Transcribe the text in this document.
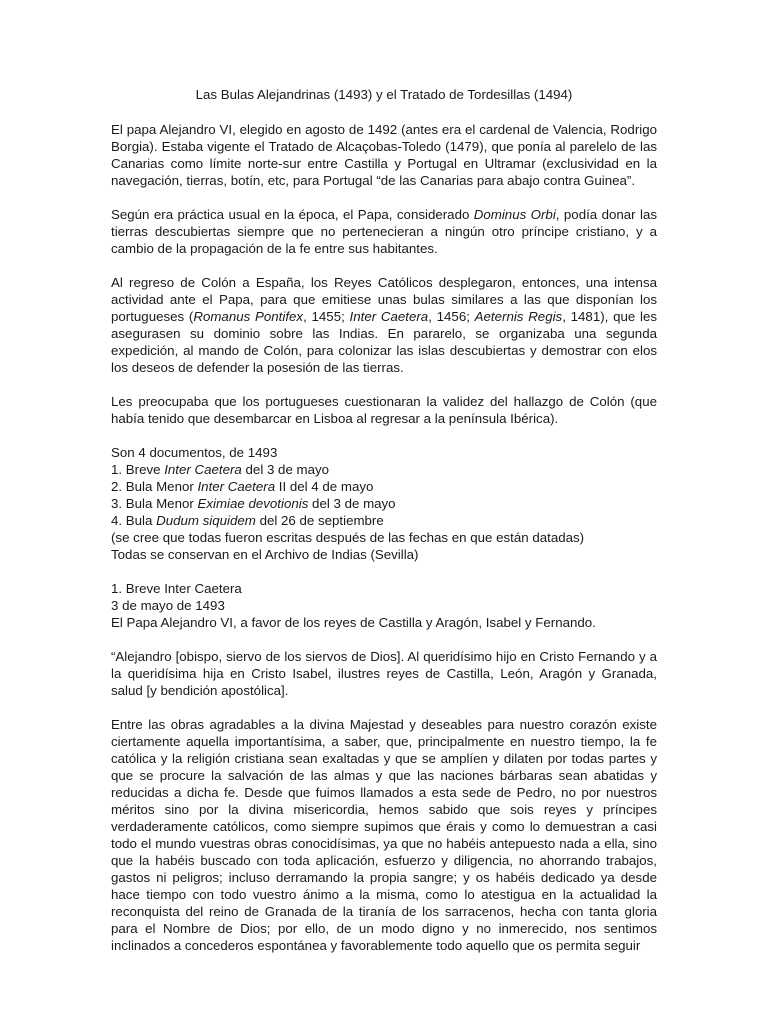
Las Bulas Alejandrinas (1493) y el Tratado de Tordesillas (1494)

El papa Alejandro VI, elegido en agosto de 1492 (antes era el cardenal de Valencia, Rodrigo Borgia). Estaba vigente el Tratado de Alcaçobas-Toledo (1479), que ponía al parelelo de las Canarias como límite norte-sur entre Castilla y Portugal en Ultramar (exclusividad en la navegación, tierras, botín, etc, para Portugal “de las Canarias para abajo contra Guinea”.

Según era práctica usual en la época, el Papa, considerado Dominus Orbi, podía donar las tierras descubiertas siempre que no pertenecieran a ningún otro príncipe cristiano, y a cambio de la propagación de la fe entre sus habitantes.

Al regreso de Colón a España, los Reyes Católicos desplegaron, entonces, una intensa actividad ante el Papa, para que emitiese unas bulas similares a las que disponían los portugueses (Romanus Pontifex, 1455; Inter Caetera, 1456; Aeternis Regis, 1481), que les asegurasen su dominio sobre las Indias. En pararelo, se organizaba una segunda expedición, al mando de Colón, para colonizar las islas descubiertas y demostrar con elos los deseos de defender la posesión de las tierras.

Les preocupaba que los portugueses cuestionaran la validez del hallazgo de Colón (que había tenido que desembarcar en Lisboa al regresar a la península Ibérica).

Son 4 documentos, de 1493
1. Breve Inter Caetera del 3 de mayo
2. Bula Menor Inter Caetera II del 4 de mayo
3. Bula Menor Eximiae devotionis del 3 de mayo
4. Bula Dudum siquidem del 26 de septiembre
(se cree que todas fueron escritas después de las fechas en que están datadas)
Todas se conservan en el Archivo de Indias (Sevilla)

1. Breve Inter Caetera
3 de mayo de 1493
El Papa Alejandro VI, a favor de los reyes de Castilla y Aragón, Isabel y Fernando.

“Alejandro [obispo, siervo de los siervos de Dios]. Al queridísimo hijo en Cristo Fernando y a la queridísima hija en Cristo Isabel, ilustres reyes de Castilla, León, Aragón y Granada, salud [y bendición apostólica].

Entre las obras agradables a la divina Majestad y deseables para nuestro corazón existe ciertamente aquella importantísima, a saber, que, principalmente en nuestro tiempo, la fe católica y la religión cristiana sean exaltadas y que se amplíen y dilaten por todas partes y que se procure la salvación de las almas y que las naciones bárbaras sean abatidas y reducidas a dicha fe. Desde que fuimos llamados a esta sede de Pedro, no por nuestros méritos sino por la divina misericordia, hemos sabido que sois reyes y príncipes verdaderamente católicos, como siempre supimos que érais y como lo demuestran a casi todo el mundo vuestras obras conocidísimas, ya que no habéis antepuesto nada a ella, sino que la habéis buscado con toda aplicación, esfuerzo y diligencia, no ahorrando trabajos, gastos ni peligros; incluso derramando la propia sangre; y os habéis dedicado ya desde hace tiempo con todo vuestro ánimo a la misma, como lo atestigua en la actualidad la reconquista del reino de Granada de la tiranía de los sarracenos, hecha con tanta gloria para el Nombre de Dios; por ello, de un modo digno y no inmerecido, nos sentimos inclinados a concederos espontánea y favorablemente todo aquello que os permita seguir
